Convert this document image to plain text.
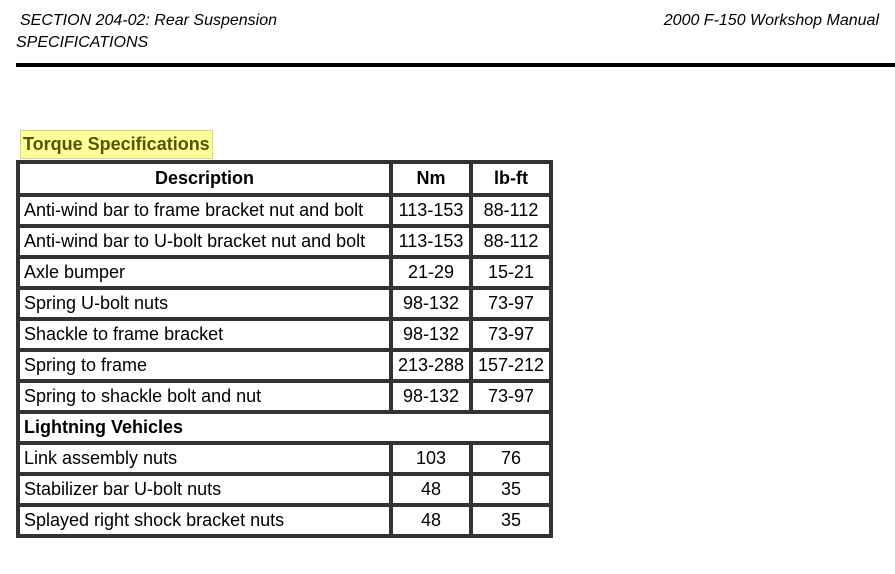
SECTION 204-02: Rear Suspension
SPECIFICATIONS
2000 F-150 Workshop Manual
Torque Specifications
Description	Nm	lb-ft
Anti-wind bar to frame bracket nut and bolt	113-153	88-112
Anti-wind bar to U-bolt bracket nut and bolt	113-153	88-112
Axle bumper	21-29	15-21
Spring U-bolt nuts	98-132	73-97
Shackle to frame bracket	98-132	73-97
Spring to frame	213-288	157-212
Spring to shackle bolt and nut	98-132	73-97
Lightning Vehicles		
Link assembly nuts	103	76
Stabilizer bar U-bolt nuts	48	35
Splayed right shock bracket nuts	48	35
